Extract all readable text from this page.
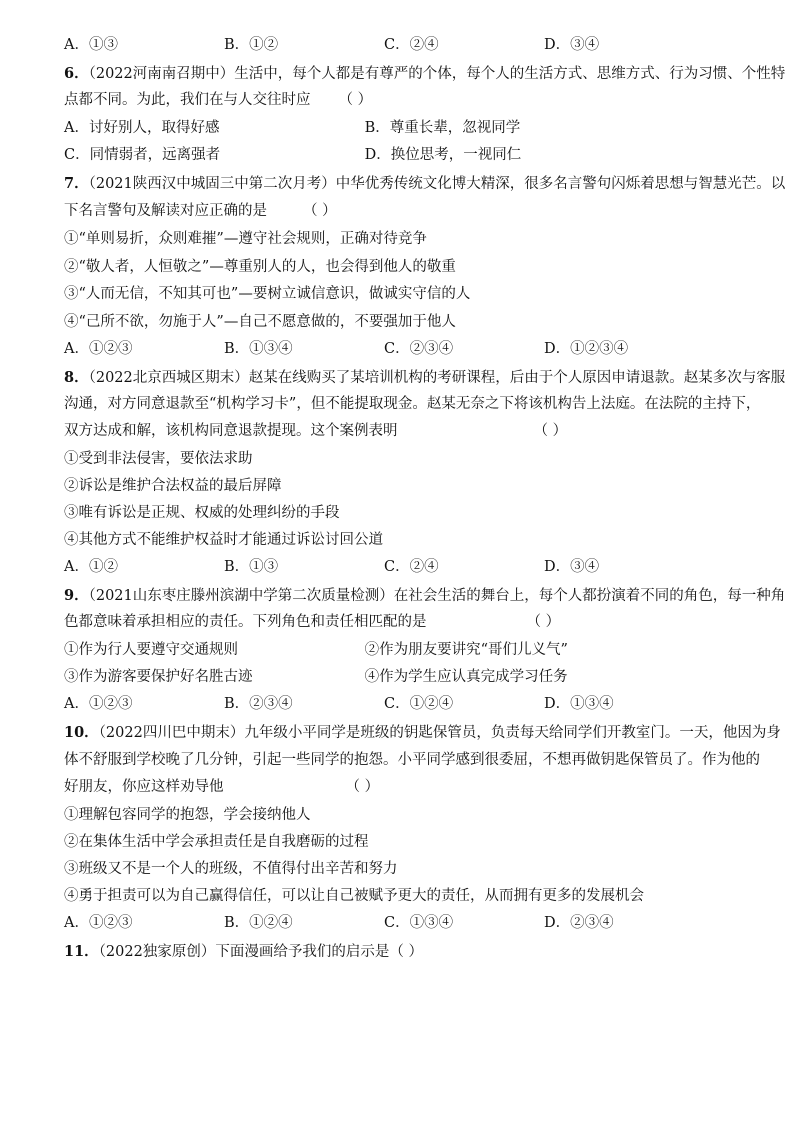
A．①③	B．①②	C．②④	D．③④
6．（2022河南南召期中）生活中，每个人都是有尊严的个体，每个人的生活方式、思维方式、行为习惯、个性特
点都不同。为此，我们在与人交往时应 （ ）
A．讨好别人，取得好感	B．尊重长辈，忽视同学
C．同情弱者，远离强者	D．换位思考，一视同仁
7．（2021陕西汉中城固三中第二次月考）中华优秀传统文化博大精深，很多名言警句闪烁着思想与智慧光芒。以
下名言警句及解读对应正确的是 （ ）
①“单则易折，众则难摧”—遵守社会规则，正确对待竞争
②“敬人者，人恒敬之”—尊重别人的人，也会得到他人的敬重
③“人而无信，不知其可也”—要树立诚信意识，做诚实守信的人
④“己所不欲，勿施于人”—自己不愿意做的，不要强加于他人
A．①②③	B．①③④	C．②③④	D．①②③④
8．（2022北京西城区期末）赵某在线购买了某培训机构的考研课程，后由于个人原因申请退款。赵某多次与客服
沟通，对方同意退款至“机构学习卡”，但不能提取现金。赵某无奈之下将该机构告上法庭。在法院的主持下，
双方达成和解，该机构同意退款提现。这个案例表明	（ ）
①受到非法侵害，要依法求助
②诉讼是维护合法权益的最后屏障
③唯有诉讼是正规、权威的处理纠纷的手段
④其他方式不能维护权益时才能通过诉讼讨回公道
A．①②	B．①③	C．②④	D．③④
9．（2021山东枣庄滕州滨湖中学第二次质量检测）在社会生活的舞台上，每个人都扮演着不同的角色，每一种角
色都意味着承担相应的责任。下列角色和责任相匹配的是	（ ）
①作为行人要遵守交通规则	②作为朋友要讲究“哥们儿义气”
③作为游客要保护好名胜古迹	④作为学生应认真完成学习任务
A．①②③	B．②③④	C．①②④	D．①③④
10．（2022四川巴中期末）九年级小平同学是班级的钥匙保管员，负责每天给同学们开教室门。一天，他因为身
体不舒服到学校晚了几分钟，引起一些同学的抱怨。小平同学感到很委屈，不想再做钥匙保管员了。作为他的
好朋友，你应这样劝导他	（ ）
①理解包容同学的抱怨，学会接纳他人
②在集体生活中学会承担责任是自我磨砺的过程
③班级又不是一个人的班级，不值得付出辛苦和努力
④勇于担责可以为自己赢得信任，可以让自己被赋予更大的责任，从而拥有更多的发展机会
A．①②③	B．①②④	C．①③④	D．②③④
11．（2022独家原创）下面漫画给予我们的启示是（ ）
